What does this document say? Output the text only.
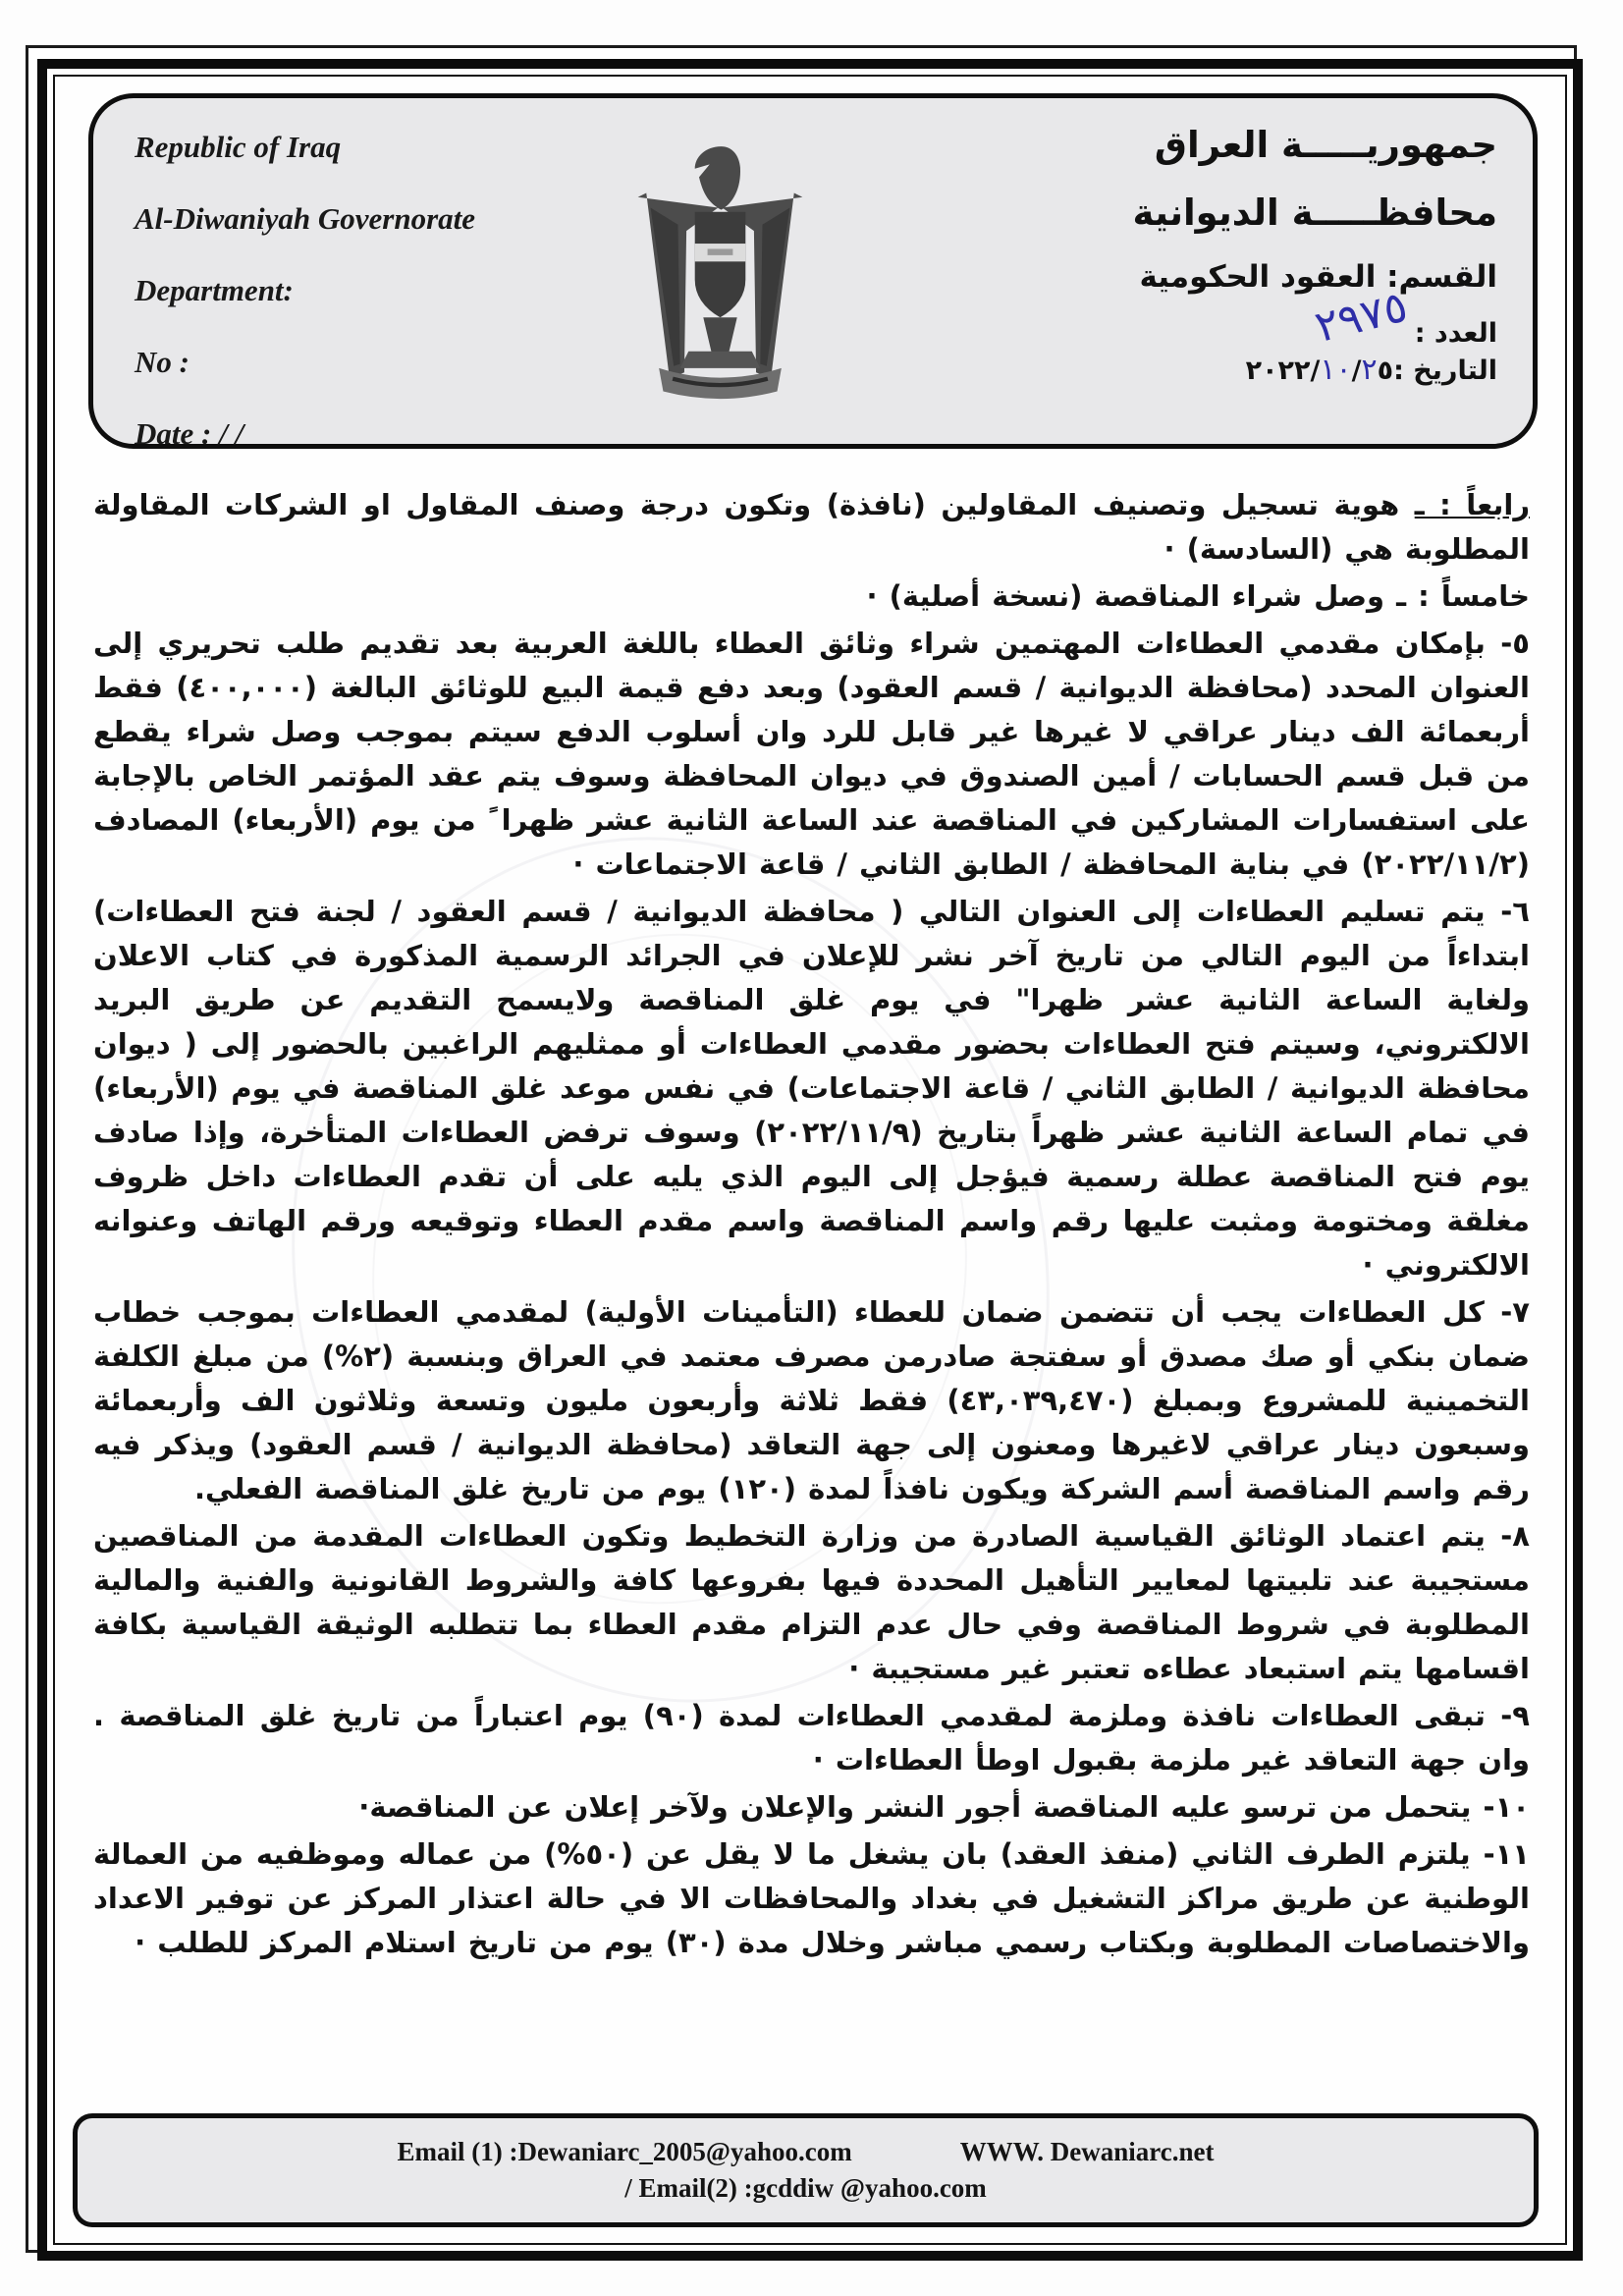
Republic of Iraq
Al-Diwaniyah Governorate
Department:
No :
Date : / /
جمهوريـــــة العراق
محافظـــــة الديوانية
القسم: العقود الحكومية
العدد :
٢٩٧٥
التاريخ :
٥
٢
٢٠٢٢/١٠/

رابعاً : ـ هوية تسجيل وتصنيف المقاولين (نافذة) وتكون درجة وصنف المقاول او الشركات المقاولة المطلوبة هي (السادسة) ·

خامساً : ـ وصل شراء المناقصة (نسخة أصلية) ·

٥- بإمكان مقدمي العطاءات المهتمين شراء وثائق العطاء باللغة العربية بعد تقديم طلب تحريري إلى العنوان المحدد (محافظة الديوانية / قسم العقود) وبعد دفع قيمة البيع للوثائق البالغة (٤٠٠,٠٠٠) فقط أربعمائة الف دينار عراقي لا غيرها غير قابل للرد وان أسلوب الدفع سيتم بموجب وصل شراء يقطع من قبل قسم الحسابات / أمين الصندوق في ديوان المحافظة وسوف يتم عقد المؤتمر الخاص بالإجابة على استفسارات المشاركين في المناقصة عند الساعة الثانية عشر ظهرا ً من يوم (الأربعاء) المصادف (٢٠٢٢/١١/٢) في بناية المحافظة / الطابق الثاني / قاعة الاجتماعات ·

٦- يتم تسليم العطاءات إلى العنوان التالي ( محافظة الديوانية / قسم العقود / لجنة فتح العطاءات) ابتداءاً من اليوم التالي من تاريخ آخر نشر للإعلان في الجرائد الرسمية المذكورة في كتاب الاعلان ولغاية الساعة الثانية عشر ظهرا" في يوم غلق المناقصة ولايسمح التقديم عن طريق البريد الالكتروني، وسيتم فتح العطاءات بحضور مقدمي العطاءات أو ممثليهم الراغبين بالحضور إلى ( ديوان محافظة الديوانية / الطابق الثاني / قاعة الاجتماعات) في نفس موعد غلق المناقصة في يوم (الأربعاء) في تمام الساعة الثانية عشر ظهراً بتاريخ (٢٠٢٢/١١/٩) وسوف ترفض العطاءات المتأخرة، وإذا صادف يوم فتح المناقصة عطلة رسمية فيؤجل إلى اليوم الذي يليه على أن تقدم العطاءات داخل ظروف مغلقة ومختومة ومثبت عليها رقم واسم المناقصة واسم مقدم العطاء وتوقيعه ورقم الهاتف وعنوانه الالكتروني ·

٧- كل العطاءات يجب أن تتضمن ضمان للعطاء (التأمينات الأولية) لمقدمي العطاءات بموجب خطاب ضمان بنكي أو صك مصدق أو سفتجة صادرمن مصرف معتمد في العراق وبنسبة (٢%) من مبلغ الكلفة التخمينية للمشروع وبمبلغ (٤٣,٠٣٩,٤٧٠) فقط ثلاثة وأربعون مليون وتسعة وثلاثون الف وأربعمائة وسبعون دينار عراقي لاغيرها ومعنون إلى جهة التعاقد (محافظة الديوانية / قسم العقود) ويذكر فيه رقم واسم المناقصة أسم الشركة ويكون نافذاً لمدة (١٢٠) يوم من تاريخ غلق المناقصة الفعلي.

٨- يتم اعتماد الوثائق القياسية الصادرة من وزارة التخطيط وتكون العطاءات المقدمة من المناقصين مستجيبة عند تلبيتها لمعايير التأهيل المحددة فيها بفروعها كافة والشروط القانونية والفنية والمالية المطلوبة في شروط المناقصة وفي حال عدم التزام مقدم العطاء بما تتطلبه الوثيقة القياسية بكافة اقسامها يتم استبعاد عطاءه تعتبر غير مستجيبة ·

٩- تبقى العطاءات نافذة وملزمة لمقدمي العطاءات لمدة (٩٠) يوم اعتباراً من تاريخ غلق المناقصة . وان جهة التعاقد غير ملزمة بقبول اوطأ العطاءات ·

١٠- يتحمل من ترسو عليه المناقصة أجور النشر والإعلان ولآخر إعلان عن المناقصة·

١١- يلتزم الطرف الثاني (منفذ العقد) بان يشغل ما لا يقل عن (٥٠%) من عماله وموظفيه من العمالة الوطنية عن طريق مراكز التشغيل في بغداد والمحافظات الا في حالة اعتذار المركز عن توفير الاعداد والاختصاصات المطلوبة وبكتاب رسمي مباشر وخلال مدة (٣٠) يوم من تاريخ استلام المركز للطلب ·

Email (1) :Dewaniarc_2005@yahoo.com	WWW. Dewaniarc.net
/ Email(2) :gcddiw @yahoo.com
